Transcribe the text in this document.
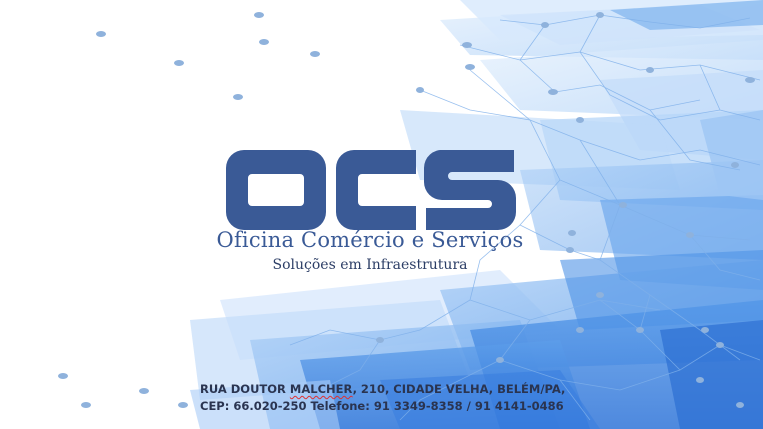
Oficina Comércio e Serviços
Soluções em Infraestrutura
RUA DOUTOR MALCHER, 210, CIDADE VELHA, BELÉM/PA,
CEP: 66.020-250 Telefone: 91 3349-8358 / 91 4141-0486
